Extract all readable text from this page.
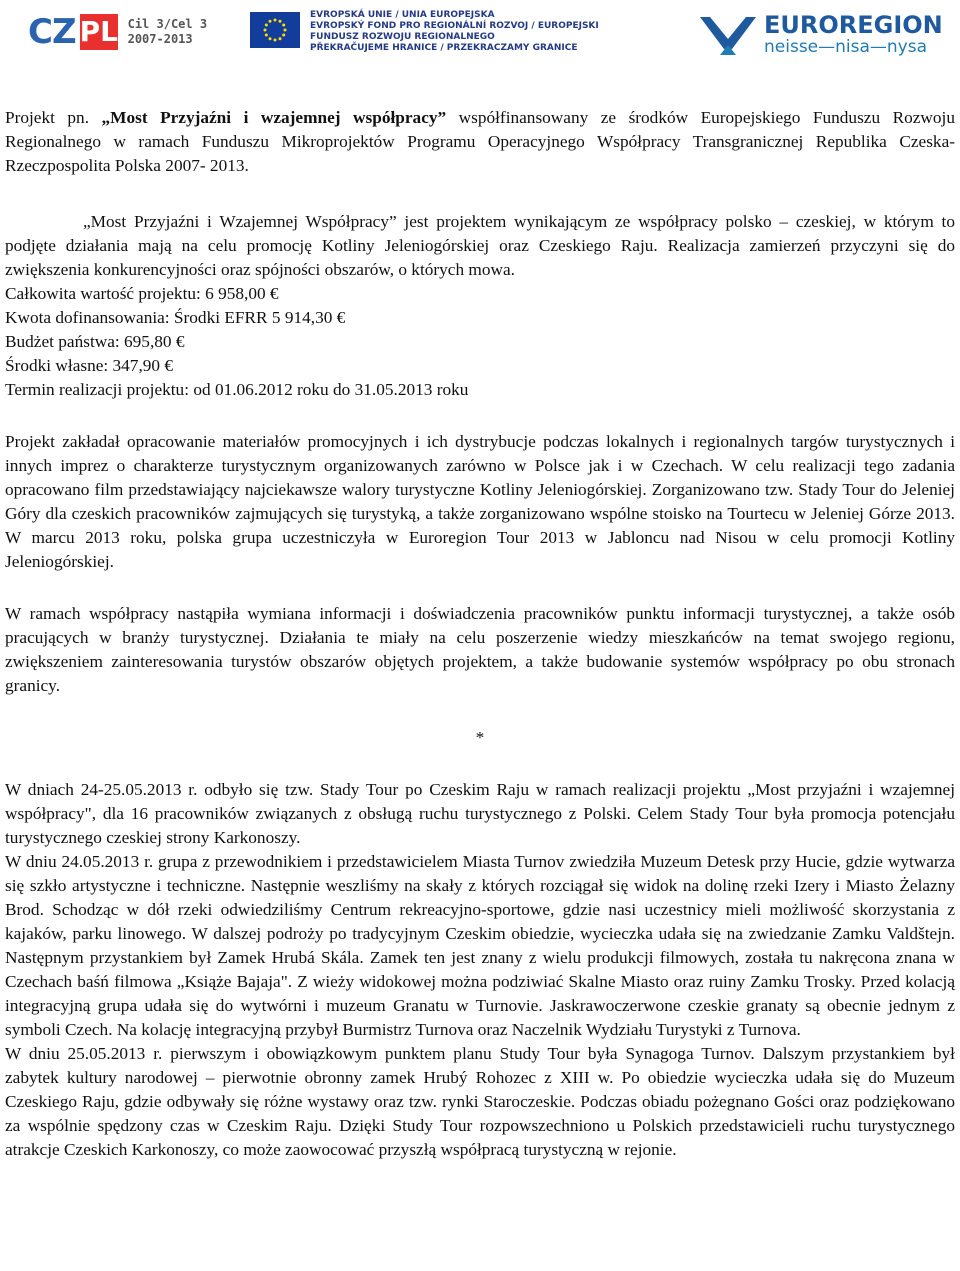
CZ PL Cil 3/Cel 3
2007-2013
EVROPSKÁ UNIE / UNIA EUROPEJSKA
EVROPSKÝ FOND PRO REGIONÁLNÍ ROZVOJ / EUROPEJSKI FUNDUSZ ROZWOJU REGIONALNEGO
PŘEKRAČUJEME HRANICE / PRZEKRACZAMY GRANICE
EUROREGION
neisse—nisa—nysa

Projekt pn. „Most Przyjaźni i wzajemnej współpracy” współfinansowany ze środków Europejskiego Funduszu Rozwoju Regionalnego w ramach Funduszu Mikroprojektów Programu Operacyjnego Współpracy Transgranicznej Republika Czeska- Rzeczpospolita Polska 2007- 2013.

„Most Przyjaźni i Wzajemnej Współpracy” jest projektem wynikającym ze współpracy polsko – czeskiej, w którym to podjęte działania mają na celu promocję Kotliny Jeleniogórskiej oraz Czeskiego Raju. Realizacja zamierzeń przyczyni się do zwiększenia konkurencyjności oraz spójności obszarów, o których mowa.

Całkowita wartość projektu: 6 958,00 €

Kwota dofinansowania: Środki EFRR 5 914,30 €

Budżet państwa: 695,80 €

Środki własne: 347,90 €

Termin realizacji projektu: od 01.06.2012 roku do 31.05.2013 roku

Projekt zakładał opracowanie materiałów promocyjnych i ich dystrybucje podczas lokalnych i regionalnych targów turystycznych i innych imprez o charakterze turystycznym organizowanych zarówno w Polsce jak i w Czechach. W celu realizacji tego zadania opracowano film przedstawiający najciekawsze walory turystyczne Kotliny Jeleniogórskiej. Zorganizowano tzw. Stady Tour do Jeleniej Góry dla czeskich pracowników zajmujących się turystyką, a także zorganizowano wspólne stoisko na Tourtecu w Jeleniej Górze 2013. W marcu 2013 roku, polska grupa uczestniczyła w Euroregion Tour 2013 w Jabloncu nad Nisou w celu promocji Kotliny Jeleniogórskiej.

W ramach współpracy nastąpiła wymiana informacji i doświadczenia pracowników punktu informacji turystycznej, a także osób pracujących w branży turystycznej. Działania te miały na celu poszerzenie wiedzy mieszkańców na temat swojego regionu, zwiększeniem zainteresowania turystów obszarów objętych projektem, a także budowanie systemów współpracy po obu stronach granicy.

*

W dniach 24-25.05.2013 r. odbyło się tzw. Stady Tour po Czeskim Raju w ramach realizacji projektu „Most przyjaźni i wzajemnej współpracy", dla 16 pracowników związanych z obsługą ruchu turystycznego z Polski. Celem Stady Tour była promocja potencjału turystycznego czeskiej strony Karkonoszy.

W dniu 24.05.2013 r. grupa z przewodnikiem i przedstawicielem Miasta Turnov zwiedziła Muzeum Detesk przy Hucie, gdzie wytwarza się szkło artystyczne i techniczne. Następnie weszliśmy na skały z których rozciągał się widok na dolinę rzeki Izery i Miasto Żelazny Brod. Schodząc w dół rzeki odwiedziliśmy Centrum rekreacyjno-sportowe, gdzie nasi uczestnicy mieli możliwość skorzystania z kajaków, parku linowego. W dalszej podroży po tradycyjnym Czeskim obiedzie, wycieczka udała się na zwiedzanie Zamku Valdštejn. Następnym przystankiem był Zamek Hrubá Skála. Zamek ten jest znany z wielu produkcji filmowych, została tu nakręcona znana w Czechach baśń filmowa „Książe Bajaja". Z wieży widokowej można podziwiać Skalne Miasto oraz ruiny Zamku Trosky. Przed kolacją integracyjną grupa udała się do wytwórni i muzeum Granatu w Turnovie. Jaskrawoczerwone czeskie granaty są obecnie jednym z symboli Czech. Na kolację integracyjną przybył Burmistrz Turnova oraz Naczelnik Wydziału Turystyki z Turnova.

W dniu 25.05.2013 r. pierwszym i obowiązkowym punktem planu Study Tour była Synagoga Turnov. Dalszym przystankiem był zabytek kultury narodowej – pierwotnie obronny zamek Hrubý Rohozec z XIII w. Po obiedzie wycieczka udała się do Muzeum Czeskiego Raju, gdzie odbywały się różne wystawy oraz tzw. rynki Staroczeskie. Podczas obiadu pożegnano Gości oraz podziękowano za wspólnie spędzony czas w Czeskim Raju. Dzięki Study Tour rozpowszechniono u Polskich przedstawicieli ruchu turystycznego atrakcje Czeskich Karkonoszy, co może zaowocować przyszłą współpracą turystyczną w rejonie.
